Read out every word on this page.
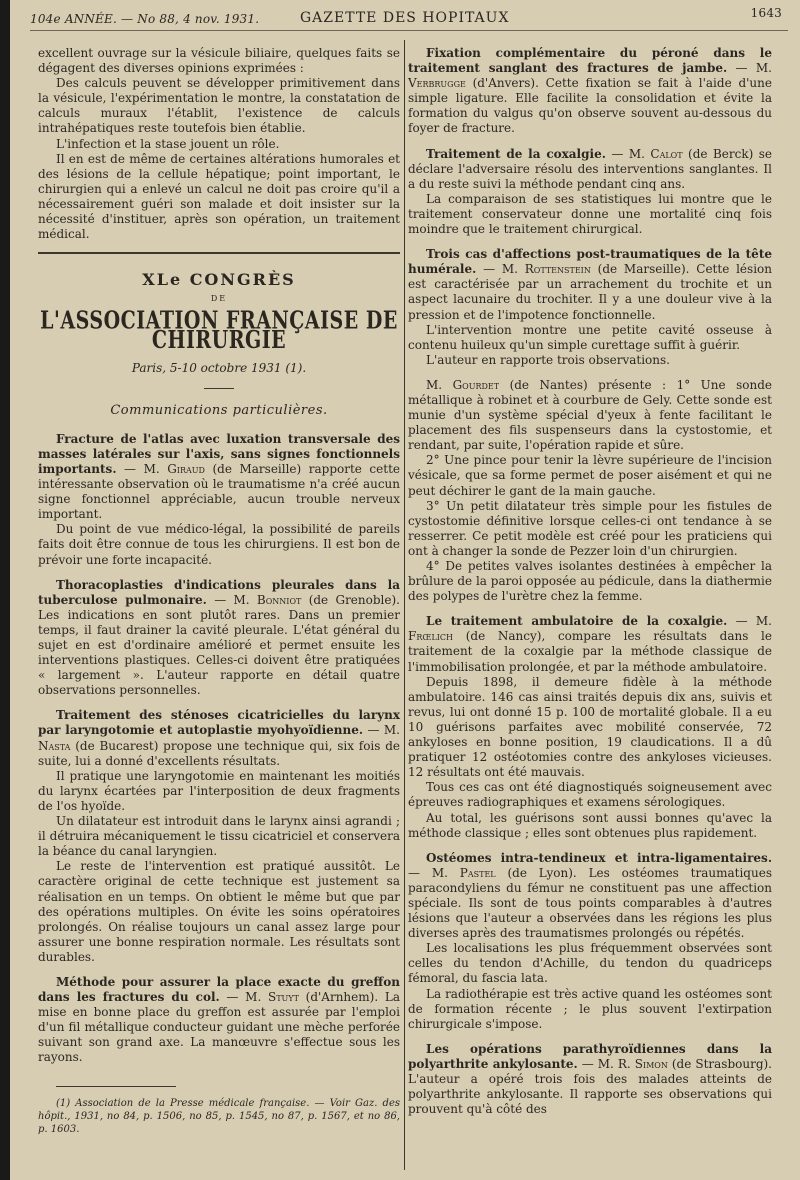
104e ANNÉE. — No 88, 4 nov. 1931.	GAZETTE DES HOPITAUX	1643

excellent ouvrage sur la vésicule biliaire, quelques faits se dégagent des diverses opinions exprimées :

Des calculs peuvent se développer primitivement dans la vésicule, l'expérimentation le montre, la constatation de calculs muraux l'établit, l'existence de calculs intrahépatiques reste toutefois bien établie.

L'infection et la stase jouent un rôle.

Il en est de même de certaines altérations humorales et des lésions de la cellule hépatique; point important, le chirurgien qui a enlevé un calcul ne doit pas croire qu'il a nécessairement guéri son malade et doit insister sur la nécessité d'instituer, après son opération, un traitement médical.

XLe CONGRÈS
DE
L'ASSOCIATION FRANÇAISE DE CHIRURGIE
Paris, 5-10 octobre 1931 (1).
Communications particulières.

Fracture de l'atlas avec luxation transversale des masses latérales sur l'axis, sans signes fonctionnels importants. — M. Giraud (de Marseille) rapporte cette intéressante observation où le traumatisme n'a créé aucun signe fonctionnel appréciable, aucun trouble nerveux important.

Du point de vue médico-légal, la possibilité de pareils faits doit être connue de tous les chirurgiens. Il est bon de prévoir une forte incapacité.

Thoracoplasties d'indications pleurales dans la tuberculose pulmonaire. — M. Bonniot (de Grenoble). Les indications en sont plutôt rares. Dans un premier temps, il faut drainer la cavité pleurale. L'état général du sujet en est d'ordinaire amélioré et permet ensuite les interventions plastiques. Celles-ci doivent être pratiquées « largement ». L'auteur rapporte en détail quatre observations personnelles.

Traitement des sténoses cicatricielles du larynx par laryngotomie et autoplastie myohyoïdienne. — M. Nasta (de Bucarest) propose une technique qui, six fois de suite, lui a donné d'excellents résultats.

Il pratique une laryngotomie en maintenant les moitiés du larynx écartées par l'interposition de deux fragments de l'os hyoïde.

Un dilatateur est introduit dans le larynx ainsi agrandi ; il détruira mécaniquement le tissu cicatriciel et conservera la béance du canal laryngien.

Le reste de l'intervention est pratiqué aussitôt. Le caractère original de cette technique est justement sa réalisation en un temps. On obtient le même but que par des opérations multiples. On évite les soins opératoires prolongés. On réalise toujours un canal assez large pour assurer une bonne respiration normale. Les résultats sont durables.

Méthode pour assurer la place exacte du greffon dans les fractures du col. — M. Stuyt (d'Arnhem). La mise en bonne place du greffon est assurée par l'emploi d'un fil métallique conducteur guidant une mèche perforée suivant son grand axe. La manœuvre s'effectue sous les rayons.

(1) Association de la Presse médicale française. — Voir Gaz. des hôpit., 1931, no 84, p. 1506, no 85, p. 1545, no 87, p. 1567, et no 86, p. 1603.

Fixation complémentaire du péroné dans le traitement sanglant des fractures de jambe. — M. Verbrugge (d'Anvers). Cette fixation se fait à l'aide d'une simple ligature. Elle facilite la consolidation et évite la formation du valgus qu'on observe souvent au-dessous du foyer de fracture.

Traitement de la coxalgie. — M. Calot (de Berck) se déclare l'adversaire résolu des interventions sanglantes. Il a du reste suivi la méthode pendant cinq ans.

La comparaison de ses statistiques lui montre que le traitement conservateur donne une mortalité cinq fois moindre que le traitement chirurgical.

Trois cas d'affections post-traumatiques de la tête humérale. — M. Rottenstein (de Marseille). Cette lésion est caractérisée par un arrachement du trochite et un aspect lacunaire du trochiter. Il y a une douleur vive à la pression et de l'impotence fonctionnelle.

L'intervention montre une petite cavité osseuse à contenu huileux qu'un simple curettage suffit à guérir.

L'auteur en rapporte trois observations.

M. Gourdet (de Nantes) présente : 1° Une sonde métallique à robinet et à courbure de Gely. Cette sonde est munie d'un système spécial d'yeux à fente facilitant le placement des fils suspenseurs dans la cystostomie, et rendant, par suite, l'opération rapide et sûre.

2° Une pince pour tenir la lèvre supérieure de l'incision vésicale, que sa forme permet de poser aisément et qui ne peut déchirer le gant de la main gauche.

3° Un petit dilatateur très simple pour les fistules de cystostomie définitive lorsque celles-ci ont tendance à se resserrer. Ce petit modèle est créé pour les praticiens qui ont à changer la sonde de Pezzer loin d'un chirurgien.

4° De petites valves isolantes destinées à empêcher la brûlure de la paroi opposée au pédicule, dans la diathermie des polypes de l'urètre chez la femme.

Le traitement ambulatoire de la coxalgie. — M. Frœlich (de Nancy), compare les résultats dans le traitement de la coxalgie par la méthode classique de l'immobilisation prolongée, et par la méthode ambulatoire.

Depuis 1898, il demeure fidèle à la méthode ambulatoire. 146 cas ainsi traités depuis dix ans, suivis et revus, lui ont donné 15 p. 100 de mortalité globale. Il a eu 10 guérisons parfaites avec mobilité conservée, 72 ankyloses en bonne position, 19 claudications. Il a dû pratiquer 12 ostéotomies contre des ankyloses vicieuses. 12 résultats ont été mauvais.

Tous ces cas ont été diagnostiqués soigneusement avec épreuves radiographiques et examens sérologiques.

Au total, les guérisons sont aussi bonnes qu'avec la méthode classique ; elles sont obtenues plus rapidement.

Ostéomes intra-tendineux et intra-ligamentaires. — M. Pastel (de Lyon). Les ostéomes traumatiques paracondyliens du fémur ne constituent pas une affection spéciale. Ils sont de tous points comparables à d'autres lésions que l'auteur a observées dans les régions les plus diverses après des traumatismes prolongés ou répétés.

Les localisations les plus fréquemment observées sont celles du tendon d'Achille, du tendon du quadriceps fémoral, du fascia lata.

La radiothérapie est très active quand les ostéomes sont de formation récente ; le plus souvent l'extirpation chirurgicale s'impose.

Les opérations parathyroïdiennes dans la polyarthrite ankylosante. — M. R. Simon (de Strasbourg). L'auteur a opéré trois fois des malades atteints de polyarthrite ankylosante. Il rapporte ses observations qui prouvent qu'à côté des
